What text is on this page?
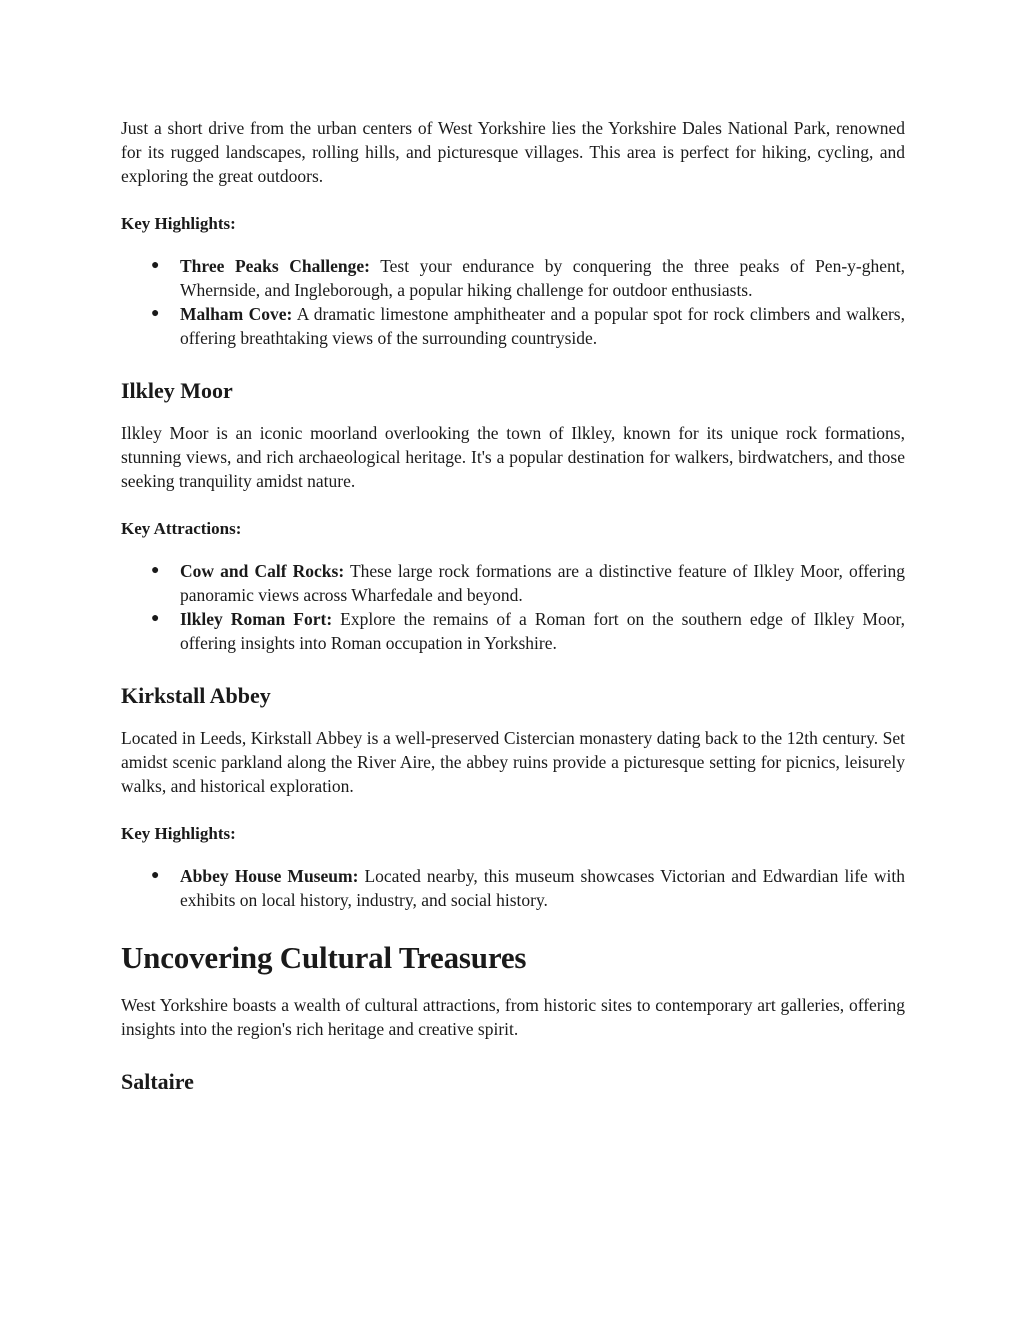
Just a short drive from the urban centers of West Yorkshire lies the Yorkshire Dales National Park, renowned for its rugged landscapes, rolling hills, and picturesque villages. This area is perfect for hiking, cycling, and exploring the great outdoors.

Key Highlights:
● Three Peaks Challenge: Test your endurance by conquering the three peaks of Pen-y-ghent, Whernside, and Ingleborough, a popular hiking challenge for outdoor enthusiasts.
● Malham Cove: A dramatic limestone amphitheater and a popular spot for rock climbers and walkers, offering breathtaking views of the surrounding countryside.
Ilkley Moor

Ilkley Moor is an iconic moorland overlooking the town of Ilkley, known for its unique rock formations, stunning views, and rich archaeological heritage. It's a popular destination for walkers, birdwatchers, and those seeking tranquility amidst nature.

Key Attractions:
● Cow and Calf Rocks: These large rock formations are a distinctive feature of Ilkley Moor, offering panoramic views across Wharfedale and beyond.
● Ilkley Roman Fort: Explore the remains of a Roman fort on the southern edge of Ilkley Moor, offering insights into Roman occupation in Yorkshire.
Kirkstall Abbey

Located in Leeds, Kirkstall Abbey is a well-preserved Cistercian monastery dating back to the 12th century. Set amidst scenic parkland along the River Aire, the abbey ruins provide a picturesque setting for picnics, leisurely walks, and historical exploration.

Key Highlights:
● Abbey House Museum: Located nearby, this museum showcases Victorian and Edwardian life with exhibits on local history, industry, and social history.
Uncovering Cultural Treasures

West Yorkshire boasts a wealth of cultural attractions, from historic sites to contemporary art galleries, offering insights into the region's rich heritage and creative spirit.

Saltaire
